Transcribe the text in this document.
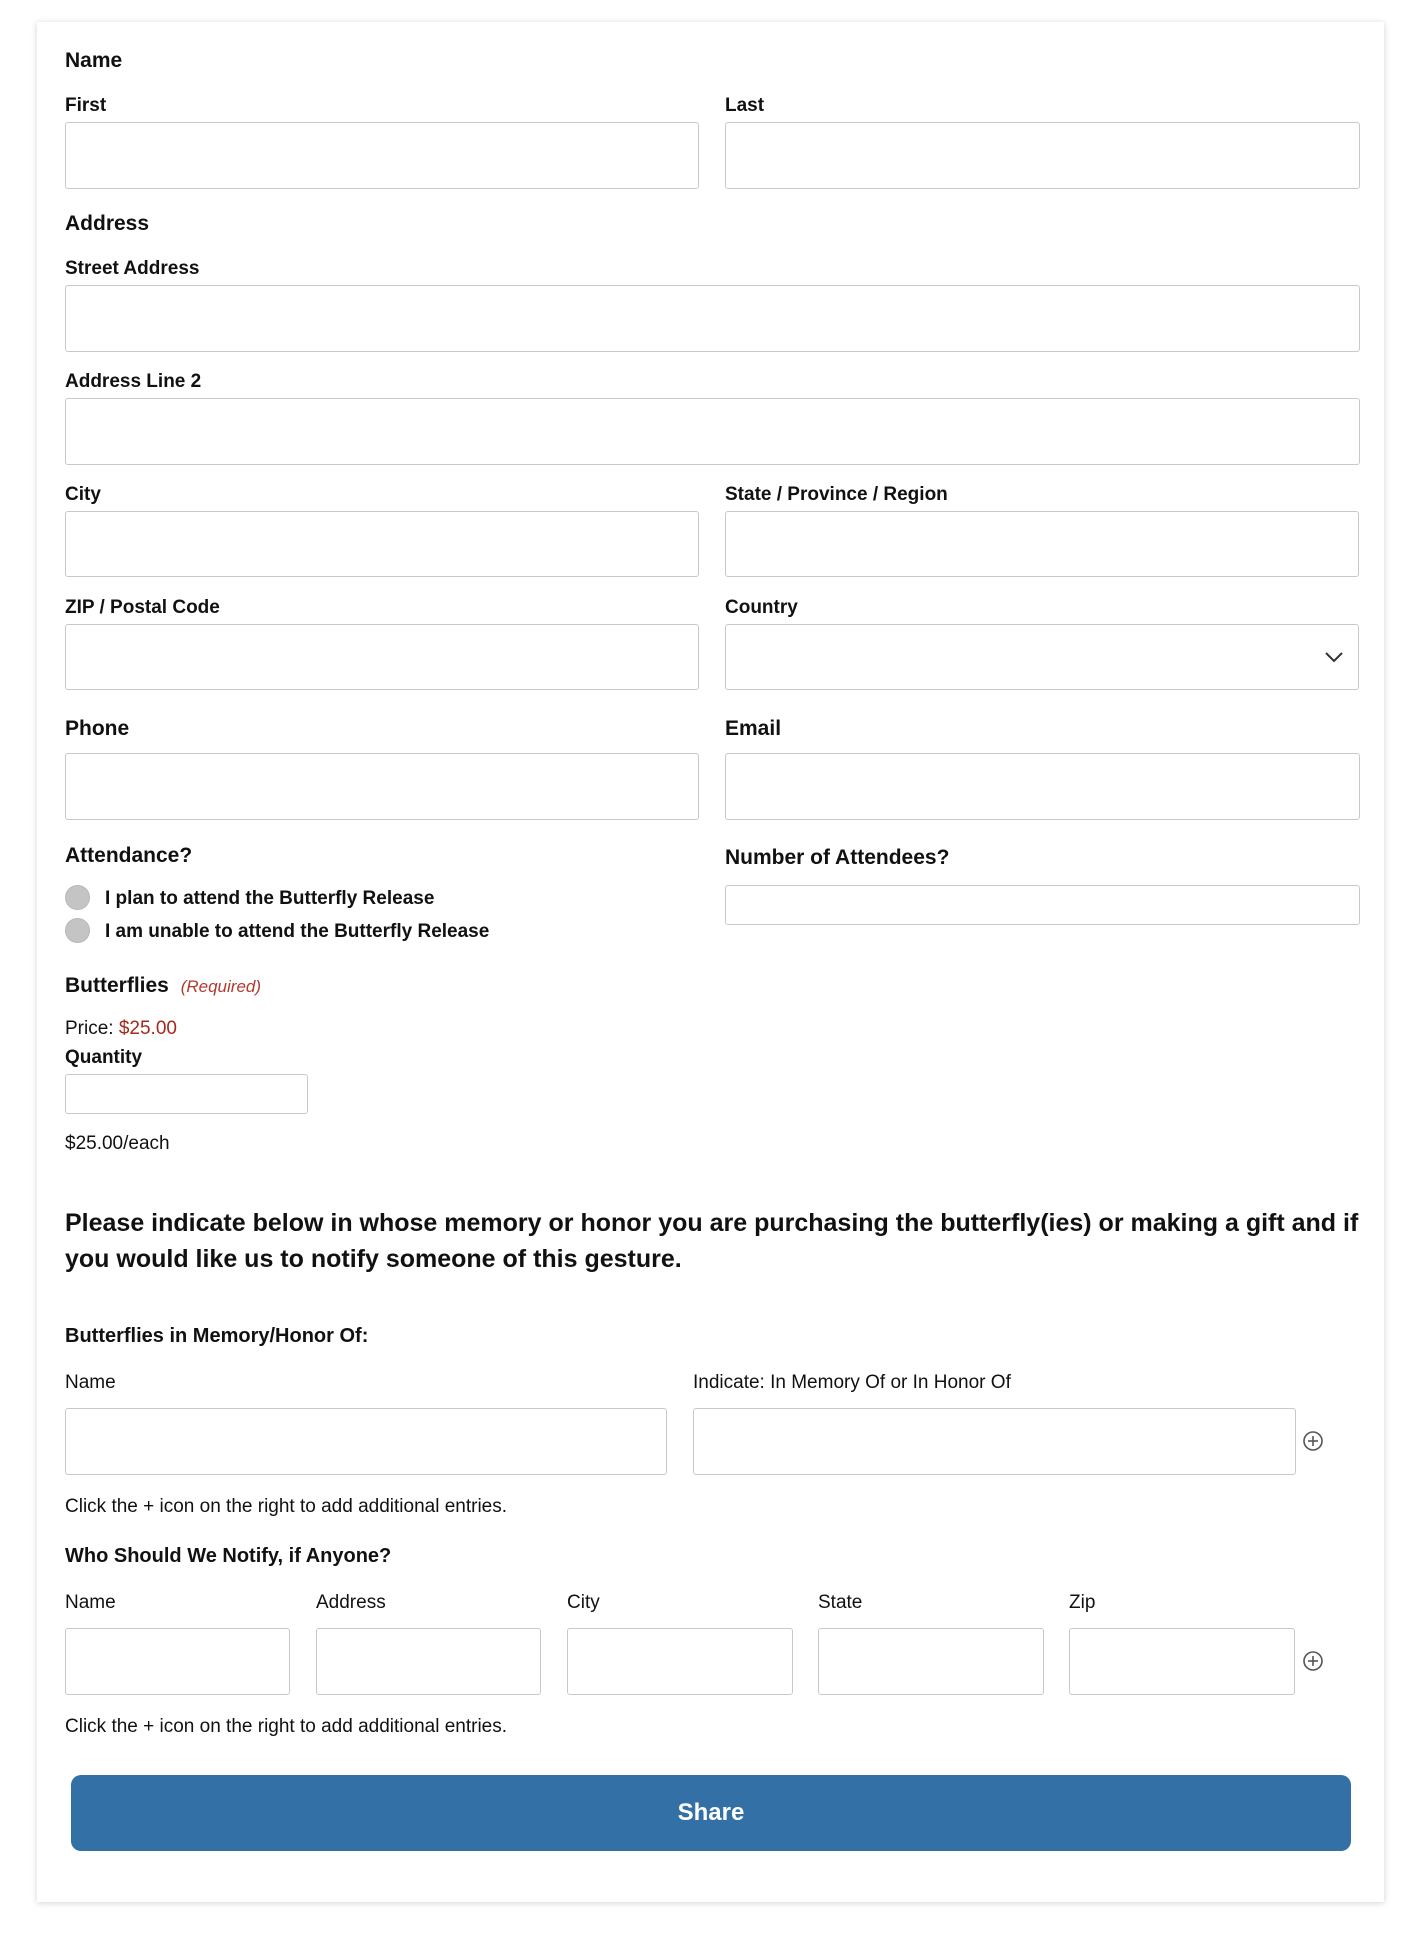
Name
First	Last
Address
Street Address
Address Line 2
City	State / Province / Region
ZIP / Postal Code	Country
Phone	Email
Attendance?
I plan to attend the Butterfly Release
I am unable to attend the Butterfly Release
Number of Attendees?
Butterflies (Required)
Price: $25.00
Quantity
$25.00/each
Please indicate below in whose memory or honor you are purchasing the butterfly(ies) or making a gift and if you would like us to notify someone of this gesture.
Butterflies in Memory/Honor Of:
Name	Indicate: In Memory Of or In Honor Of
Click the + icon on the right to add additional entries.
Who Should We Notify, if Anyone?
Name	Address	City	State	Zip
Click the + icon on the right to add additional entries.
Share
